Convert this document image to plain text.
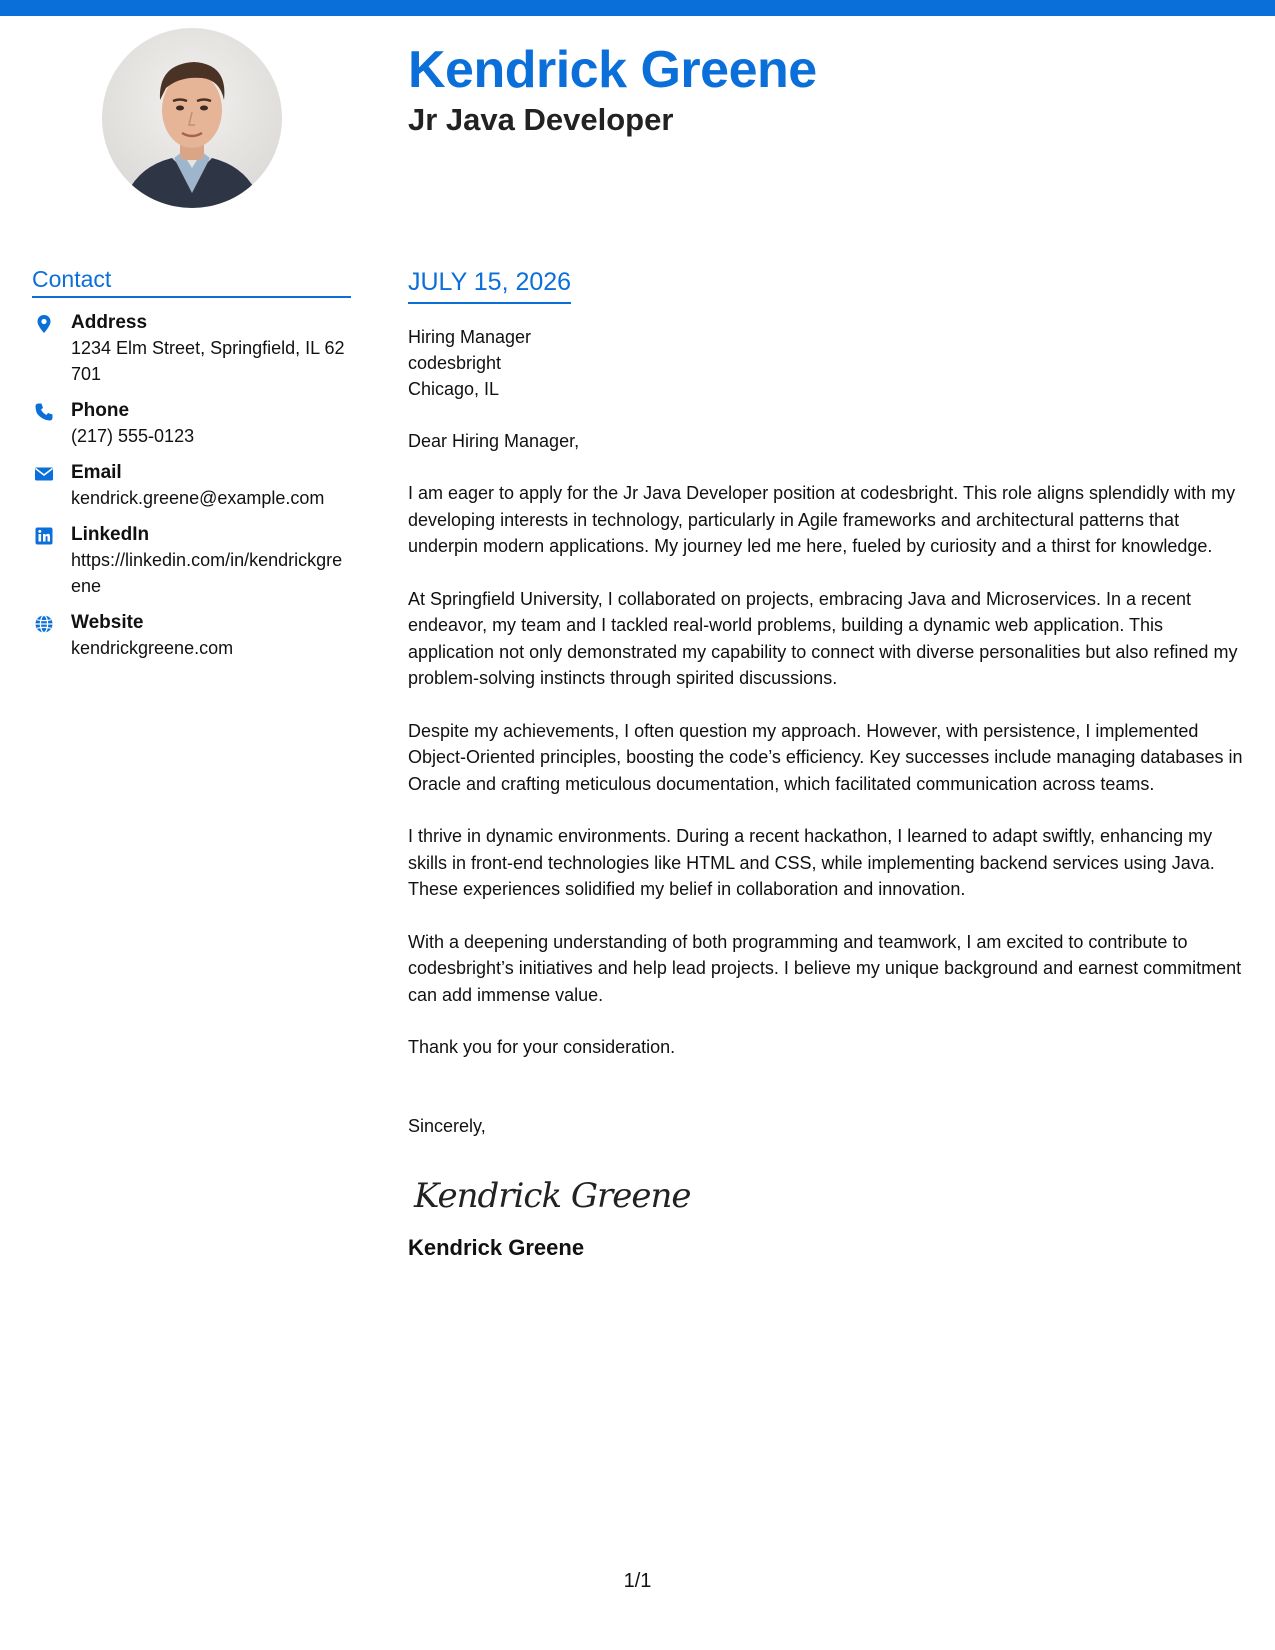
Kendrick Greene
Jr Java Developer
Contact
Address
1234 Elm Street, Springfield, IL 62701
Phone
(217) 555-0123
Email
kendrick.greene@example.com
LinkedIn
https://linkedin.com/in/kendrickgreene
Website
kendrickgreene.com
JULY 15, 2026
Hiring Manager
codesbright
Chicago, IL
Dear Hiring Manager,

I am eager to apply for the Jr Java Developer position at codesbright. This role aligns splendidly with my developing interests in technology, particularly in Agile frameworks and architectural patterns that underpin modern applications. My journey led me here, fueled by curiosity and a thirst for knowledge.

At Springfield University, I collaborated on projects, embracing Java and Microservices. In a recent endeavor, my team and I tackled real-world problems, building a dynamic web application. This application not only demonstrated my capability to connect with diverse personalities but also refined my problem-solving instincts through spirited discussions.

Despite my achievements, I often question my approach. However, with persistence, I implemented Object-Oriented principles, boosting the code’s efficiency. Key successes include managing databases in Oracle and crafting meticulous documentation, which facilitated communication across teams.

I thrive in dynamic environments. During a recent hackathon, I learned to adapt swiftly, enhancing my skills in front-end technologies like HTML and CSS, while implementing backend services using Java. These experiences solidified my belief in collaboration and innovation.

With a deepening understanding of both programming and teamwork, I am excited to contribute to codesbright’s initiatives and help lead projects. I believe my unique background and earnest commitment can add immense value.

Thank you for your consideration.

Sincerely,
Kendrick Greene
Kendrick Greene
1/1
